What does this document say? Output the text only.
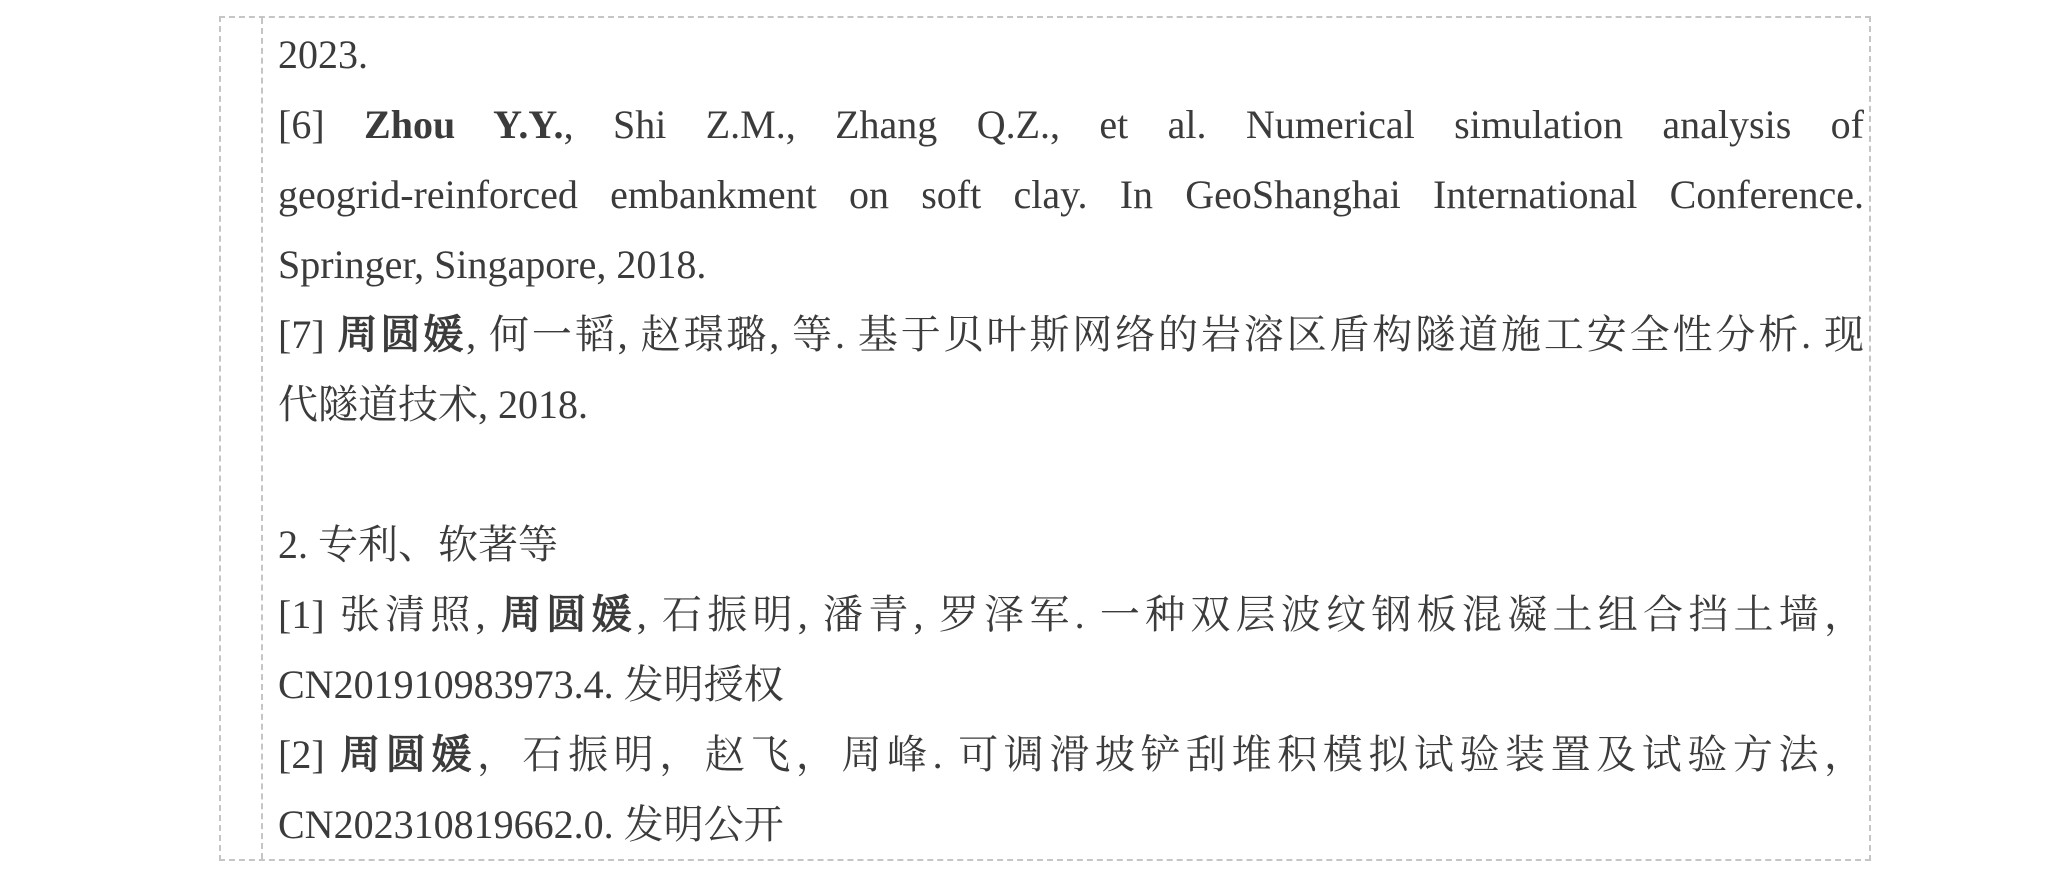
2023.
[6] Zhou Y.Y., Shi Z.M., Zhang Q.Z., et al. Numerical simulation analysis of
geogrid-reinforced embankment on soft clay. In GeoShanghai International Conference.
Springer, Singapore, 2018.
[7] 周圆媛, 何一韬, 赵璟璐, 等. 基于贝叶斯网络的岩溶区盾构隧道施工安全性分析. 现
代隧道技术, 2018.

2. 专利、软著等
[1] 张清照, 周圆媛, 石振明, 潘青, 罗泽军. 一种双层波纹钢板混凝土组合挡土墙，
CN201910983973.4. 发明授权
[2] 周圆媛，石振明，赵飞，周峰. 可调滑坡铲刮堆积模拟试验装置及试验方法，
CN202310819662.0. 发明公开
